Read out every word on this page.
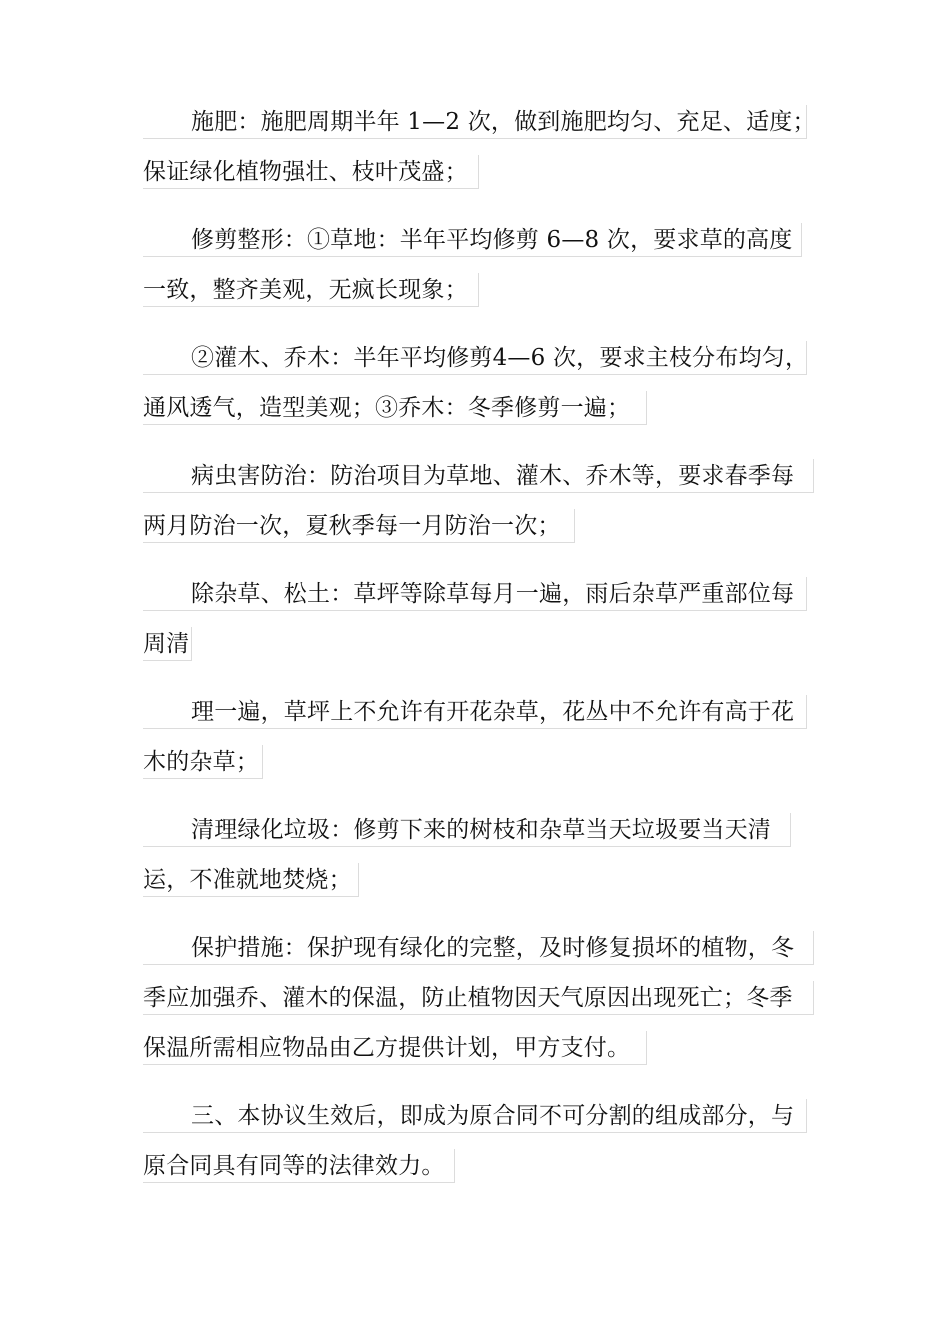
施肥：施肥周期半年 1—2 次，做到施肥均匀、充足、适度；
保证绿化植物强壮、枝叶茂盛；
修剪整形：①草地：半年平均修剪 6—8 次，要求草的高度
一致，整齐美观，无疯长现象；
②灌木、乔木：半年平均修剪4—6 次，要求主枝分布均匀，
通风透气，造型美观；③乔木：冬季修剪一遍；
病虫害防治：防治项目为草地、灌木、乔木等，要求春季每
两月防治一次，夏秋季每一月防治一次；
除杂草、松土：草坪等除草每月一遍，雨后杂草严重部位每
周清
理一遍，草坪上不允许有开花杂草，花丛中不允许有高于花
木的杂草；
清理绿化垃圾：修剪下来的树枝和杂草当天垃圾要当天清
运，不准就地焚烧；
保护措施：保护现有绿化的完整，及时修复损坏的植物，冬
季应加强乔、灌木的保温，防止植物因天气原因出现死亡；冬季
保温所需相应物品由乙方提供计划，甲方支付。
三、本协议生效后，即成为原合同不可分割的组成部分，与
原合同具有同等的法律效力。
